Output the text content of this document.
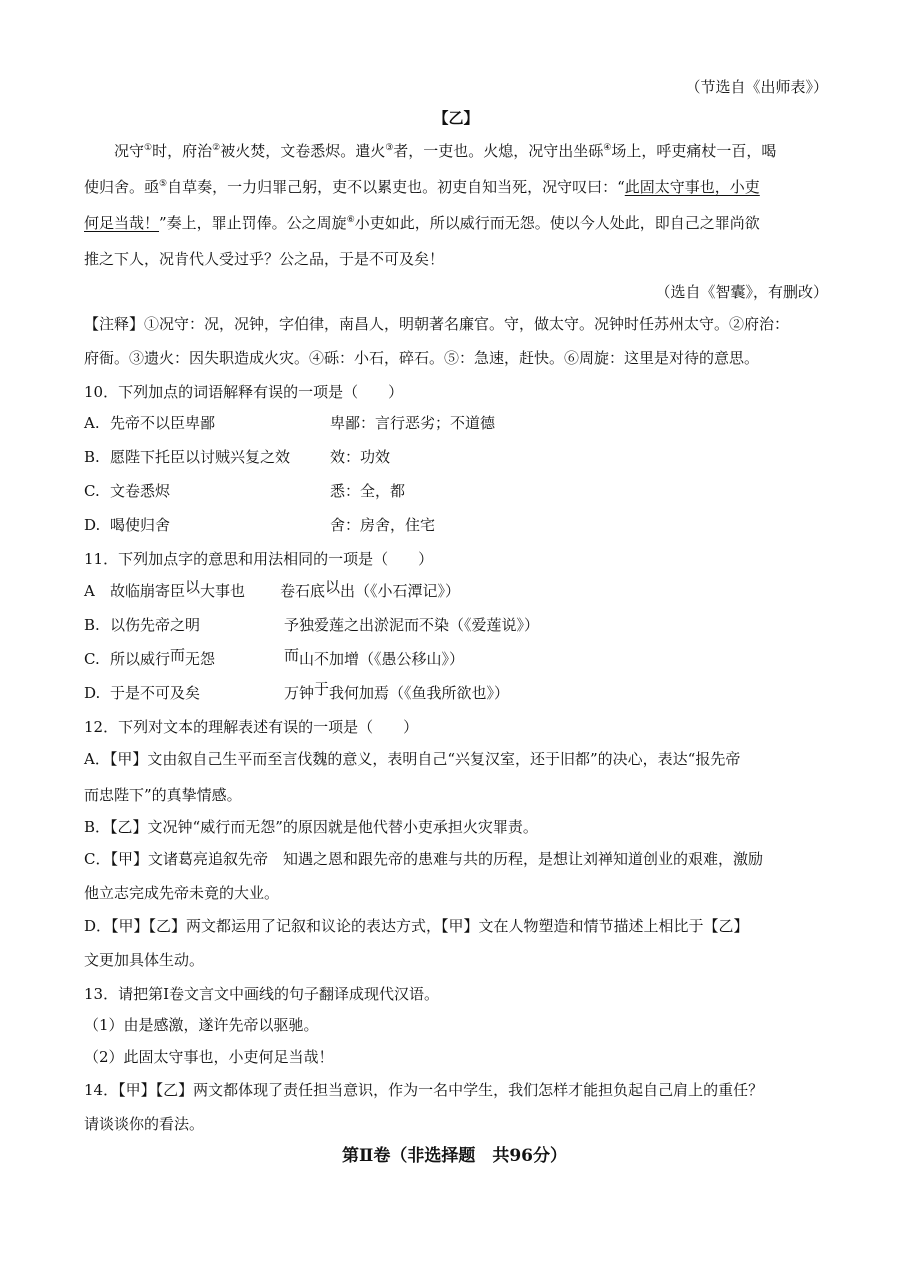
（节选自《出师表》）
【乙】
况守①时，府治②被火焚，文卷悉烬。遣火③者，一吏也。火熄，况守出坐砾④场上，呼吏痛杖一百，喝
使归舍。亟⑤自草奏，一力归罪己躬，吏不以累吏也。初吏自知当死，况守叹曰：“此固太守事也，小吏
何足当哉！”奏上，罪止罚俸。公之周旋⑥小吏如此，所以威行而无怨。使以今人处此，即自己之罪尚欲
推之下人，况肯代人受过乎？公之品，于是不可及矣！
（选自《智囊》，有删改）
【注释】①况守：况，况钟，字伯律，南昌人，明朝著名廉官。守，做太守。况钟时任苏州太守。②府治：
府衙。③遗火：因失职造成火灾。④砾：小石，碎石。⑤：急速，赶快。⑥周旋：这里是对待的意思。
10．下列加点的词语解释有误的一项是（　　）
A. 先帝不以臣卑鄙	卑鄙：言行恶劣；不道德
B. 愿陛下托臣以讨贼兴复之效	效：功效
C. 文卷悉烬	悉：全，都
D. 喝使归舍	舍：房舍，住宅
11．下列加点字的意思和用法相同的一项是（　　）
A 故临崩寄臣以大事也 卷石底以出（《小石潭记》）
B. 以伤先帝之明	予独爱莲之出淤泥而不染（《爱莲说》）
C. 所以威行而无怨	而山不加增（《愚公移山》）
D. 于是不可及矣	万钟于我何加焉（《鱼我所欲也》）
12．下列对文本的理解表述有误的一项是（　　）
A．【甲】文由叙自己生平而至言伐魏的意义，表明自己“兴复汉室，还于旧都”的决心，表达“报先帝
而忠陛下”的真挚情感。
B．【乙】文况钟“威行而无怨”的原因就是他代替小吏承担火灾罪责。
C．【甲】文诸葛亮追叙先帝　知遇之恩和跟先帝的患难与共的历程，是想让刘禅知道创业的艰难，激励
他立志完成先帝未竟的大业。
D．【甲】【乙】两文都运用了记叙和议论的表达方式，【甲】文在人物塑造和情节描述上相比于【乙】
文更加具体生动。
13．请把第Ⅰ卷文言文中画线的句子翻译成现代汉语。
（1）由是感激，遂许先帝以驱驰。
（2）此固太守事也，小吏何足当哉！
14．【甲】【乙】两文都体现了责任担当意识，作为一名中学生，我们怎样才能担负起自己肩上的重任？
请谈谈你的看法。
第Ⅱ卷（非选择题　共96分）
